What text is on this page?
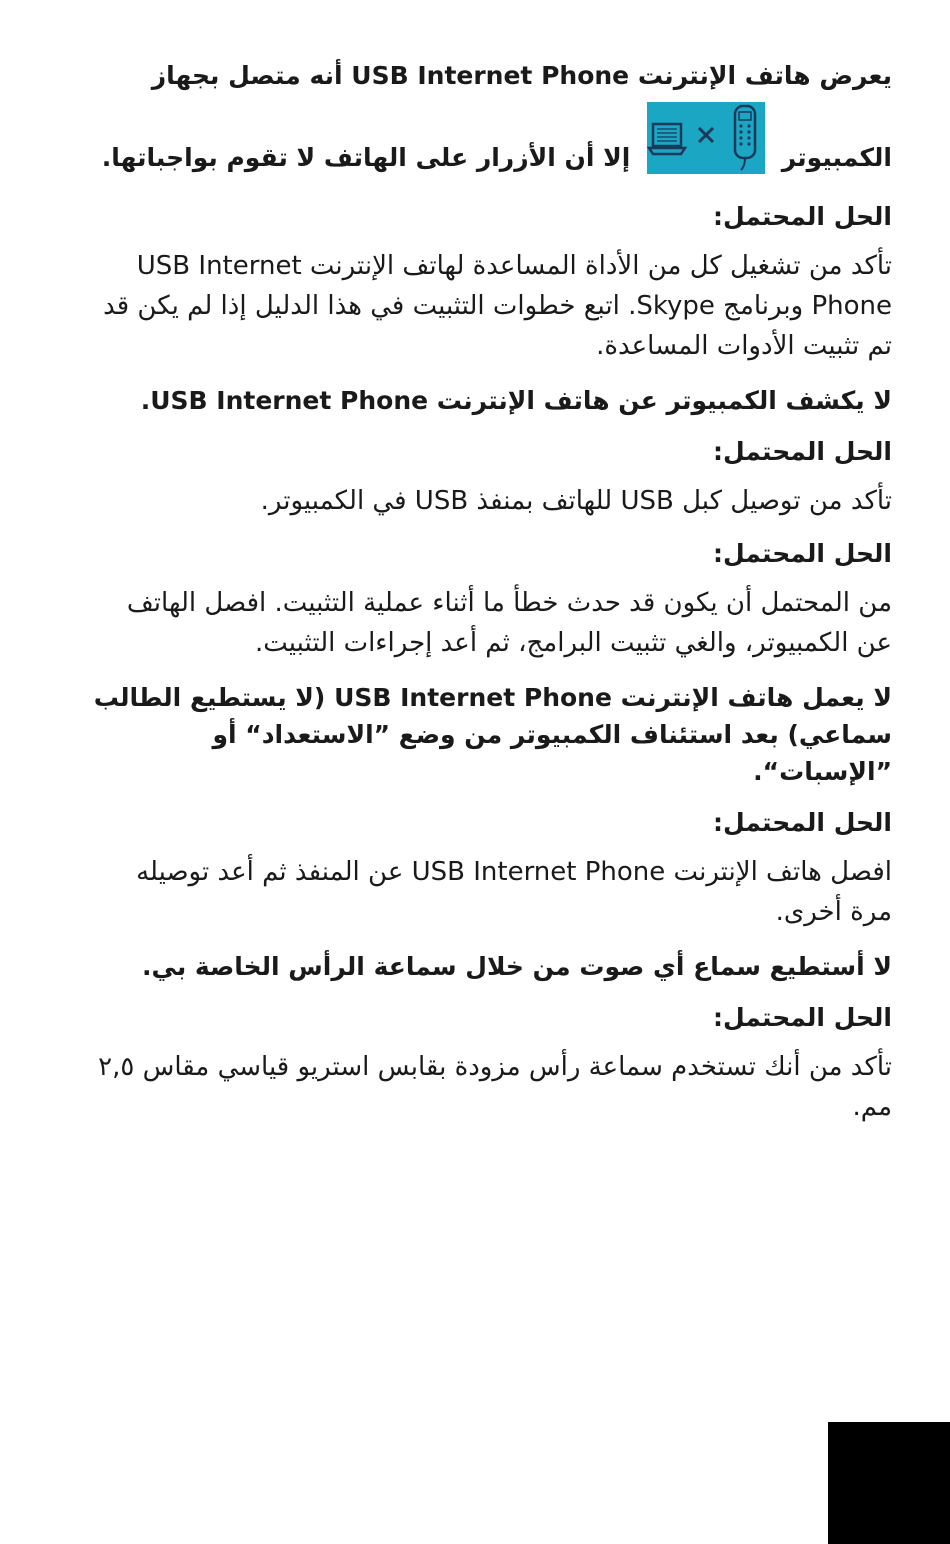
يعرض هاتف الإنترنت USB Internet Phone أنه متصل بجهاز الكمبيوتر
إلا أن الأزرار على الهاتف لا تقوم بواجباتها.

الحل المحتمل:

تأكد من تشغيل كل من الأداة المساعدة لهاتف الإنترنت USB Internet Phone وبرنامج Skype. اتبع خطوات التثبيت في هذا الدليل إذا لم يكن قد تم تثبيت الأدوات المساعدة.

لا يكشف الكمبيوتر عن هاتف الإنترنت USB Internet Phone.

الحل المحتمل:

تأكد من توصيل كبل USB للهاتف بمنفذ USB في الكمبيوتر.

الحل المحتمل:

من المحتمل أن يكون قد حدث خطأ ما أثناء عملية التثبيت. افصل الهاتف عن الكمبيوتر، والغي تثبيت البرامج، ثم أعد إجراءات التثبيت.

لا يعمل هاتف الإنترنت USB Internet Phone (لا يستطيع الطالب سماعي) بعد استئناف الكمبيوتر من وضع ”الاستعداد“ أو ”الإسبات“.

الحل المحتمل:

افصل هاتف الإنترنت USB Internet Phone عن المنفذ ثم أعد توصيله مرة أخرى.

لا أستطيع سماع أي صوت من خلال سماعة الرأس الخاصة بي.

الحل المحتمل:

تأكد من أنك تستخدم سماعة رأس مزودة بقابس استريو قياسي مقاس ٢,٥ مم.
